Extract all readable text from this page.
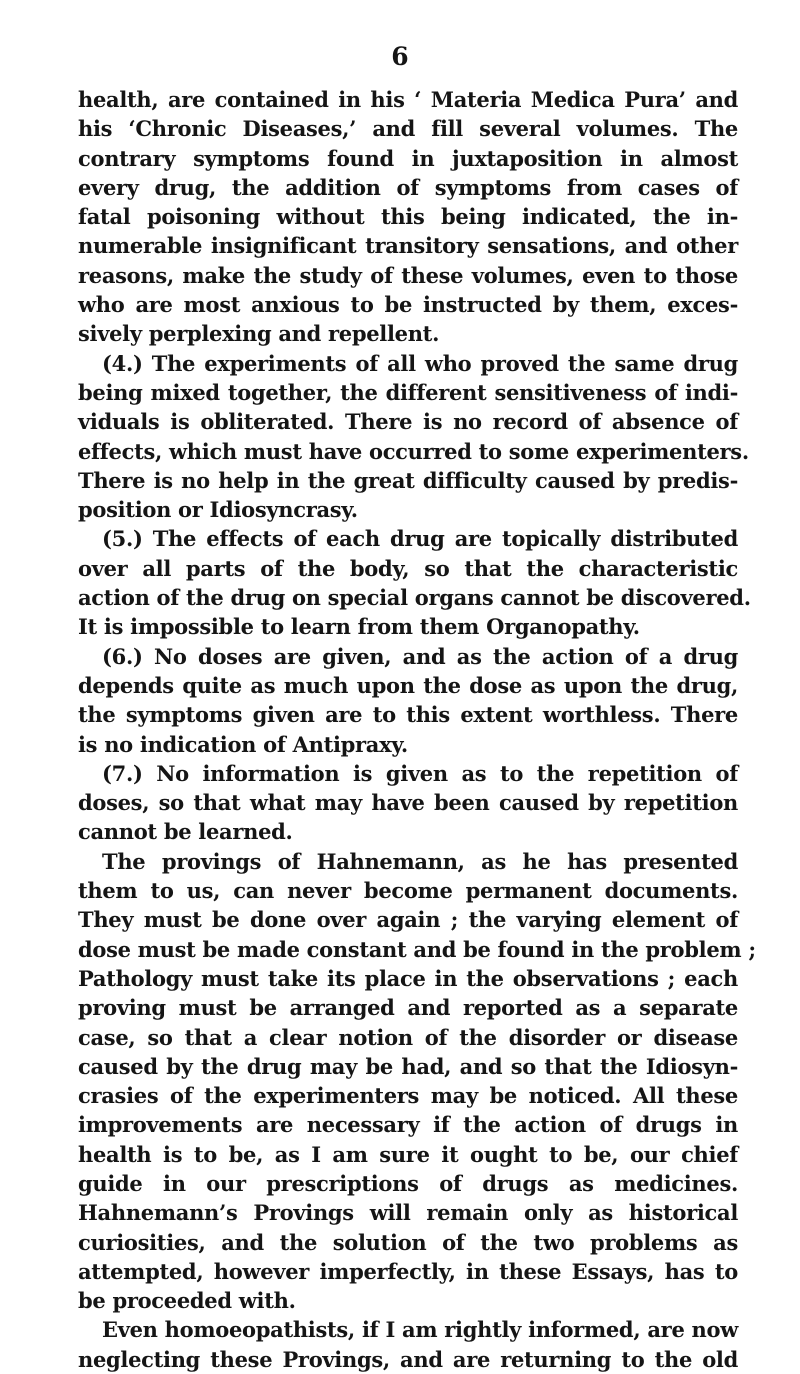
6
health, are contained in his ‘ Materia Medica Pura’ and
his ‘Chronic Diseases,’ and fill several volumes. The
contrary symptoms found in juxtaposition in almost
every drug, the addition of symptoms from cases of
fatal poisoning without this being indicated, the in-
numerable insignificant transitory sensations, and other
reasons, make the study of these volumes, even to those
who are most anxious to be instructed by them, exces-
sively perplexing and repellent.
(4.) The experiments of all who proved the same drug
being mixed together, the different sensitiveness of indi-
viduals is obliterated. There is no record of absence of
effects, which must have occurred to some experimenters.
There is no help in the great difficulty caused by predis-
position or Idiosyncrasy.
(5.) The effects of each drug are topically distributed
over all parts of the body, so that the characteristic
action of the drug on special organs cannot be discovered.
It is impossible to learn from them Organopathy.
(6.) No doses are given, and as the action of a drug
depends quite as much upon the dose as upon the drug,
the symptoms given are to this extent worthless. There
is no indication of Antipraxy.
(7.) No information is given as to the repetition of
doses, so that what may have been caused by repetition
cannot be learned.
The provings of Hahnemann, as he has presented
them to us, can never become permanent documents.
They must be done over again ; the varying element of
dose must be made constant and be found in the problem ;
Pathology must take its place in the observations ; each
proving must be arranged and reported as a separate
case, so that a clear notion of the disorder or disease
caused by the drug may be had, and so that the Idiosyn-
crasies of the experimenters may be noticed. All these
improvements are necessary if the action of drugs in
health is to be, as I am sure it ought to be, our chief
guide in our prescriptions of drugs as medicines.
Hahnemann’s Provings will remain only as historical
curiosities, and the solution of the two problems as
attempted, however imperfectly, in these Essays, has to
be proceeded with.
Even homoeopathists, if I am rightly informed, are now
neglecting these Provings, and are returning to the old
